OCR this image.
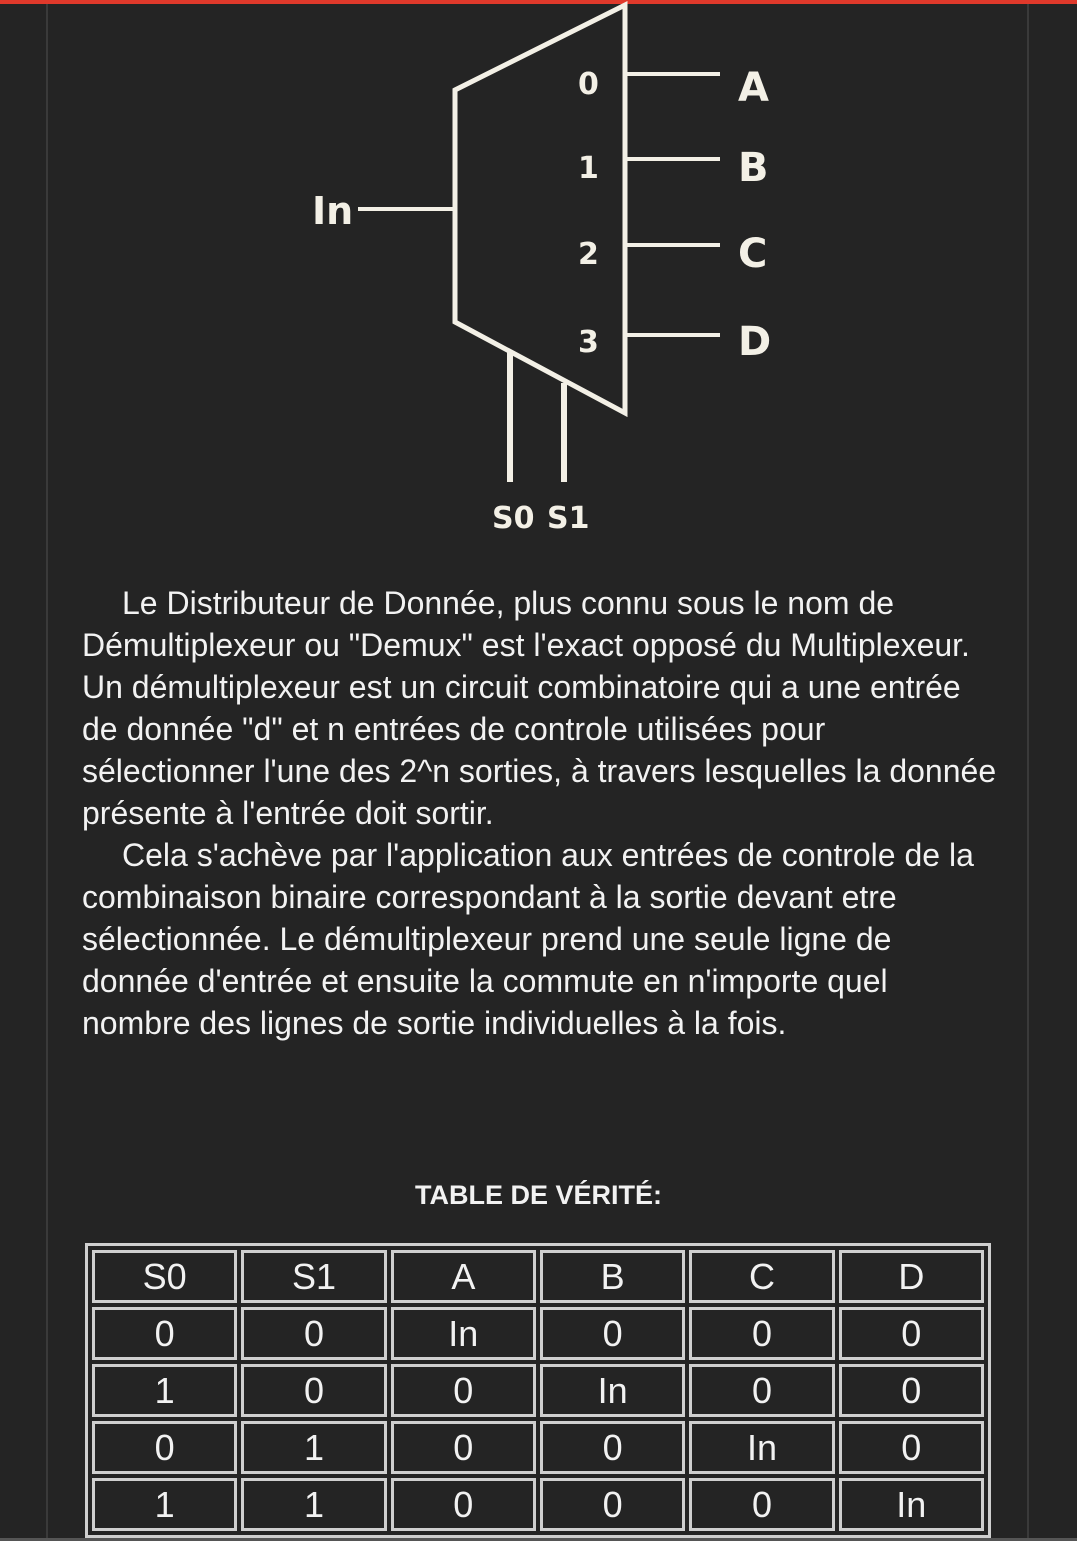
In
0
1
2
3
A
B
C
D
S0 S1

Le Distributeur de Donnée, plus connu sous le nom de Démultiplexeur ou "Demux" est l'exact opposé du Multiplexeur. Un démultiplexeur est un circuit combinatoire qui a une entrée de donnée "d" et n entrées de controle utilisées pour sélectionner l'une des 2^n sorties, à travers lesquelles la donnée présente à l'entrée doit sortir.

Cela s'achève par l'application aux entrées de controle de la combinaison binaire correspondant à la sortie devant etre sélectionnée. Le démultiplexeur prend une seule ligne de donnée d'entrée et ensuite la commute en n'importe quel nombre des lignes de sortie individuelles à la fois.

TABLE DE VÉRITÉ:
S0	S1	A	B	C	D
0	0	In	0	0	0
1	0	0	In	0	0
0	1	0	0	In	0
1	1	0	0	0	In
